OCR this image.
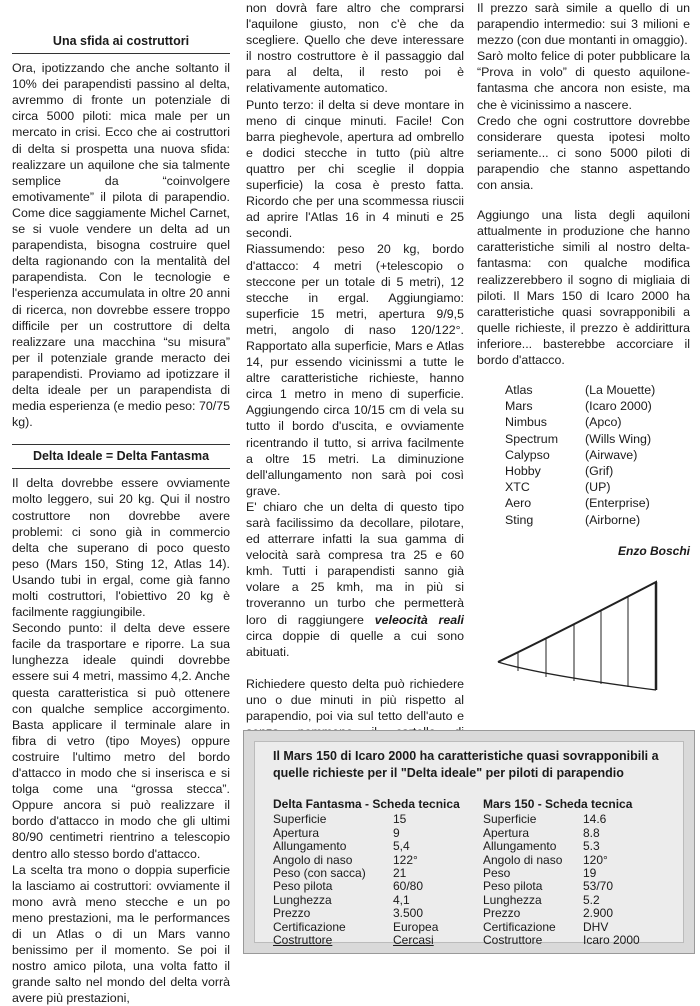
Una sfida ai costruttori

Ora, ipotizzando che anche soltanto il 10% dei parapendisti passino al delta, avremmo di fronte un potenziale di circa 5000 piloti: mica male per un mercato in crisi. Ecco che ai costruttori di delta si prospetta una nuova sfida: realizzare un aquilone che sia talmente semplice da “coinvolgere emotivamente” il pilota di parapendio. Come dice saggiamente Michel Carnet, se si vuole vendere un delta ad un parapendista, bisogna costruire quel delta ragionando con la mentalità del parapendista. Con le tecnologie e l'esperienza accumulata in oltre 20 anni di ricerca, non dovrebbe essere troppo difficile per un costruttore di delta realizzare una macchina “su misura” per il potenziale grande meracto dei parapendisti. Proviamo ad ipotizzare il delta ideale per un parapendista di media esperienza (e medio peso: 70/75 kg).

Delta Ideale = Delta Fantasma

Il delta dovrebbe essere ovviamente molto leggero, sui 20 kg. Qui il nostro costruttore non dovrebbe avere problemi: ci sono già in commercio delta che superano di poco questo peso (Mars 150, Sting 12, Atlas 14). Usando tubi in ergal, come già fanno molti costruttori, l'obiettivo 20 kg è facilmente raggiungibile.

Secondo punto: il delta deve essere facile da trasportare e riporre. La sua lunghezza ideale quindi dovrebbe essere sui 4 metri, massimo 4,2. Anche questa caratteristica si può ottenere con qualche semplice accorgimento. Basta applicare il terminale alare in fibra di vetro (tipo Moyes) oppure costruire l'ultimo metro del bordo d'attacco in modo che si inserisca e si tolga come una “grossa stecca”. Oppure ancora si può realizzare il bordo d'attacco in modo che gli ultimi 80/90 centimetri rientrino a telescopio dentro allo stesso bordo d'attacco.

La scelta tra mono o doppia superficie la lasciamo ai costruttori: ovviamente il mono avrà meno stecche e un po meno prestazioni, ma le performances di un Atlas o di un Mars vanno benissimo per il momento. Se poi il nostro amico pilota, una volta fatto il grande salto nel mondo del delta vorrà avere più prestazioni,

non dovrà fare altro che comprarsi l'aquilone giusto, non c'è che da scegliere. Quello che deve interessare il nostro costruttore è il passaggio dal para al delta, il resto poi è relativamente automatico.

Punto terzo: il delta si deve montare in meno di cinque minuti. Facile! Con barra pieghevole, apertura ad ombrello e dodici stecche in tutto (più altre quattro per chi sceglie il doppia superficie) la cosa è presto fatta. Ricordo che per una scommessa riuscii ad aprire l'Atlas 16 in 4 minuti e 25 secondi.

Riassumendo: peso 20 kg, bordo d'attacco: 4 metri (+telescopio o steccone per un totale di 5 metri), 12 stecche in ergal. Aggiungiamo: superficie 15 metri, apertura 9/9,5 metri, angolo di naso 120/122°. Rapportato alla superficie, Mars e Atlas 14, pur essendo vicinissmi a tutte le altre caratteristiche richieste, hanno circa 1 metro in meno di superficie. Aggiungendo circa 10/15 cm di vela su tutto il bordo d'uscita, e ovviamente ricentrando il tutto, si arriva facilmente a oltre 15 metri. La diminuzione dell'allungamento non sarà poi così grave.

E' chiaro che un delta di questo tipo sarà facilissimo da decollare, pilotare, ed atterrare infatti la sua gamma di velocità sarà compresa tra 25 e 60 kmh. Tutti i parapendisti sanno già volare a 25 kmh, ma in più si troveranno un turbo che permetterà loro di raggiungere veleocità reali circa doppie di quelle a cui sono abituati.

Richiedere questo delta può richiedere uno o due minuti in più rispetto al parapendio, poi via sul tetto dell'auto e

Il prezzo sarà simile a quello di un parapendio intermedio: sui 3 milioni e mezzo (con due montanti in omaggio).

Sarò molto felice di poter pubblicare la “Prova in volo” di questo aquilone-fantasma che ancora non esiste, ma che è vicinissimo a nascere.

Credo che ogni costruttore dovrebbe considerare questa ipotesi molto seriamente... ci sono 5000 piloti di parapendio che stanno aspettando con ansia.

Aggiungo una lista degli aquiloni attualmente in produzione che hanno caratteristiche simili al nostro delta-fantasma: con qualche modifica realizzerebbero il sogno di migliaia di piloti. Il Mars 150 di Icaro 2000 ha caratteristiche quasi sovrapponibili a quelle richieste, il prezzo è addirittura inferiore... basterebbe accorciare il bordo d'attacco.

Atlas	(La Mouette)
Mars	(Icaro 2000)
Nimbus	(Apco)
Spectrum	(Wills Wing)
Calypso	(Airwave)
Hobby	(Grif)
XTC	(UP)
Aero	(Enterprise)
Sting	(Airborne)
Enzo Boschi
Il Mars 150 di Icaro 2000 ha caratteristiche quasi sovrapponibili a quelle richieste per il "Delta ideale" per piloti di parapendio
Delta Fantasma - Scheda tecnica
Superficie	15
Apertura	9
Allungamento	5,4
Angolo di naso	122°
Peso (con sacca)	21
Peso pilota	60/80
Lunghezza	4,1
Prezzo	3.500
Certificazione	Europea
Costruttore	Cercasi
Mars 150 - Scheda tecnica
Superficie	14.6
Apertura	8.8
Allungamento	5.3
Angolo di naso	120°
Peso	19
Peso pilota	53/70
Lunghezza	5.2
Prezzo	2.900
Certificazione	DHV
Costruttore	Icaro 2000
